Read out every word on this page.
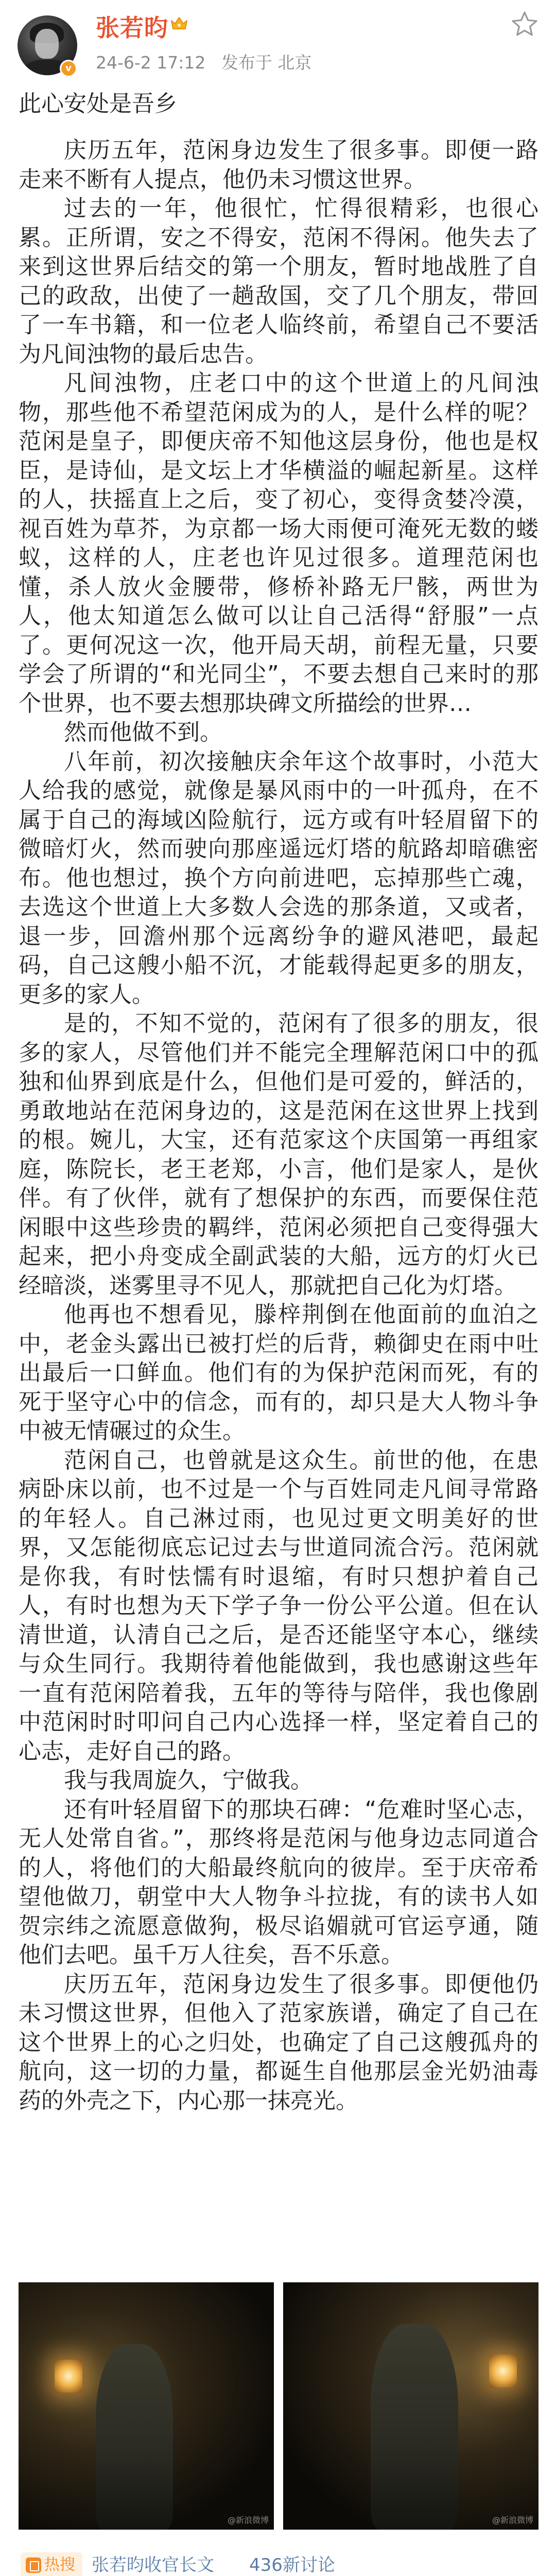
v
张若昀
24-6-2 17:12 发布于 北京
此心安处是吾乡

庆历五年，范闲身边发生了很多事。即便一路走来不断有人提点，他仍未习惯这世界。

过去的一年，他很忙，忙得很精彩，也很心累。正所谓，安之不得安，范闲不得闲。他失去了来到这世界后结交的第一个朋友，暂时地战胜了自己的政敌，出使了一趟敌国，交了几个朋友，带回了一车书籍，和一位老人临终前，希望自己不要活为凡间浊物的最后忠告。

凡间浊物，庄老口中的这个世道上的凡间浊物，那些他不希望范闲成为的人，是什么样的呢？范闲是皇子，即便庆帝不知他这层身份，他也是权臣，是诗仙，是文坛上才华横溢的崛起新星。这样的人，扶摇直上之后，变了初心，变得贪婪冷漠，视百姓为草芥，为京都一场大雨便可淹死无数的蝼蚁，这样的人，庄老也许见过很多。道理范闲也懂，杀人放火金腰带，修桥补路无尸骸，两世为人，他太知道怎么做可以让自己活得“舒服”一点了。更何况这一次，他开局天胡，前程无量，只要学会了所谓的“和光同尘”，不要去想自己来时的那个世界，也不要去想那块碑文所描绘的世界…

然而他做不到。

八年前，初次接触庆余年这个故事时，小范大人给我的感觉，就像是暴风雨中的一叶孤舟，在不属于自己的海域凶险航行，远方或有叶轻眉留下的微暗灯火，然而驶向那座遥远灯塔的航路却暗礁密布。他也想过，换个方向前进吧，忘掉那些亡魂，去选这个世道上大多数人会选的那条道，又或者，退一步，回澹州那个远离纷争的避风港吧，最起码，自己这艘小船不沉，才能载得起更多的朋友，更多的家人。

是的，不知不觉的，范闲有了很多的朋友，很多的家人，尽管他们并不能完全理解范闲口中的孤独和仙界到底是什么，但他们是可爱的，鲜活的，勇敢地站在范闲身边的，这是范闲在这世界上找到的根。婉儿，大宝，还有范家这个庆国第一再组家庭，陈院长，老王老郑，小言，他们是家人，是伙伴。有了伙伴，就有了想保护的东西，而要保住范闲眼中这些珍贵的羁绊，范闲必须把自己变得强大起来，把小舟变成全副武装的大船，远方的灯火已经暗淡，迷雾里寻不见人，那就把自己化为灯塔。

他再也不想看见，滕梓荆倒在他面前的血泊之中，老金头露出已被打烂的后背，赖御史在雨中吐出最后一口鲜血。他们有的为保护范闲而死，有的死于坚守心中的信念，而有的，却只是大人物斗争中被无情碾过的众生。

范闲自己，也曾就是这众生。前世的他，在患病卧床以前，也不过是一个与百姓同走凡间寻常路的年轻人。自己淋过雨，也见过更文明美好的世界，又怎能彻底忘记过去与世道同流合污。范闲就是你我，有时怯懦有时退缩，有时只想护着自己人，有时也想为天下学子争一份公平公道。但在认清世道，认清自己之后，是否还能坚守本心，继续与众生同行。我期待着他能做到，我也感谢这些年一直有范闲陪着我，五年的等待与陪伴，我也像剧中范闲时时叩问自己内心选择一样，坚定着自己的心志，走好自己的路。

我与我周旋久，宁做我。

还有叶轻眉留下的那块石碑：“危难时坚心志，无人处常自省。”，那终将是范闲与他身边志同道合的人，将他们的大船最终航向的彼岸。至于庆帝希望他做刀，朝堂中大人物争斗拉拢，有的读书人如贺宗纬之流愿意做狗，极尽谄媚就可官运亨通，随他们去吧。虽千万人往矣，吾不乐意。

庆历五年，范闲身边发生了很多事。即便他仍未习惯这世界，但他入了范家族谱，确定了自己在这个世界上的心之归处，也确定了自己这艘孤舟的航向，这一切的力量，都诞生自他那层金光奶油毒药的外壳之下，内心那一抹亮光。

@新浪微博	@新浪微博
热搜 张若昀收官长文 436新讨论
